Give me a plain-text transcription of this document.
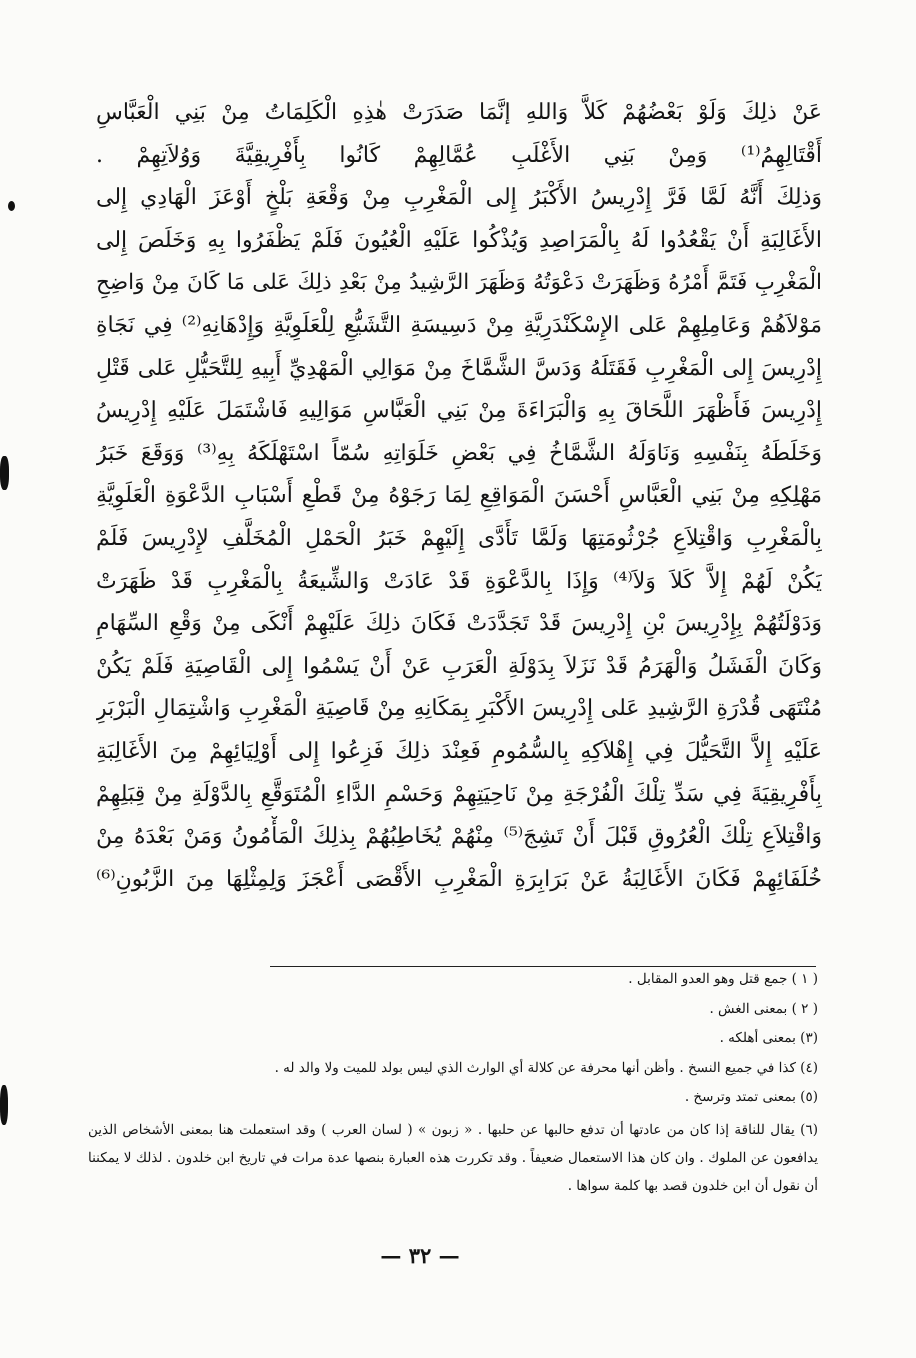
عَنْ ذلِكَ وَلَوْ بَعْضُهُمْ كَلاَّ وَاللهِ إنَّمَا صَدَرَتْ هٰذِهِ الْكَلِمَاتُ مِنْ بَنِي الْعَبَّاسِ
أَقْتَالِهِمُ⁽¹⁾ وَمِنْ بَنِي الأَغْلَبِ عُمَّالِهِمْ كَانُوا بِأَفْرِيقِيَّةَ وَوُلاَتِهِمْ .
وَذلِكَ أَنَّهُ لَمَّا فَرَّ إِدْرِيسُ الأَكْبَرُ إِلى الْمَغْرِبِ مِنْ وَقْعَةِ بَلْخٍ أَوْعَزَ الْهَادِي إِلى
الأَغَالِبَةِ أَنْ يَقْعُدُوا لَهُ بِالْمَرَاصِدِ وَيُذْكُوا عَلَيْهِ الْعُيُونَ فَلَمْ يَظْفَرُوا بِهِ وَخَلَصَ إِلى
الْمَغْرِبِ فَتَمَّ أَمْرُهُ وَظَهَرَتْ دَعْوَتُهُ وَظَهَرَ الرَّشِيدُ مِنْ بَعْدِ ذلِكَ عَلى مَا كَانَ مِنْ وَاضِحِ
مَوْلاَهُمْ وَعَامِلِهِمْ عَلى الإِسْكَنْدَرِيَّةِ مِنْ دَسِيسَةِ التَّشَيُّعِ لِلْعَلَوِيَّةِ وَإِدْهَانِهِ⁽²⁾ فِي نَجَاةِ
إِدْرِيسَ إِلى الْمَغْرِبِ فَقَتَلَهُ وَدَسَّ الشَّمَّاخَ مِنْ مَوَالِي الْمَهْدِيِّ أَبِيهِ لِلتَّحَيُّلِ عَلى قَتْلِ
إِدْرِيسَ فَأَظْهَرَ اللَّحَاقَ بِهِ وَالْبَرَاءَةَ مِنْ بَنِي الْعَبَّاسِ مَوَالِيهِ فَاشْتَمَلَ عَلَيْهِ إِدْرِيسُ
وَخَلَطَهُ بِنَفْسِهِ وَنَاوَلَهُ الشَّمَّاخُ فِي بَعْضِ خَلَوَاتِهِ سُمّاً اسْتَهْلَكَهُ بِهِ⁽³⁾ وَوَقَعَ خَبَرُ
مَهْلِكِهِ مِنْ بَنِي الْعَبَّاسِ أَحْسَنَ الْمَوَاقِعِ لِمَا رَجَوْهُ مِنْ قَطْعِ أَسْبَابِ الدَّعْوَةِ الْعَلَوِيَّةِ
بِالْمَغْرِبِ وَاقْتِلاَعِ جُرْثُومَتِهَا وَلَمَّا تَأَدَّى إِلَيْهِمْ خَبَرُ الْحَمْلِ الْمُخَلَّفِ لإِدْرِيسَ فَلَمْ
يَكُنْ لَهُمْ إِلاَّ كَلاَ وَلاَ⁽⁴⁾ وَإِذَا بِالدَّعْوَةِ قَدْ عَادَتْ وَالشِّيعَةُ بِالْمَغْرِبِ قَدْ ظَهَرَتْ
وَدَوْلَتُهُمْ بِإِدْرِيسَ بْنِ إِدْرِيسَ قَدْ تَجَدَّدَتْ فَكَانَ ذلِكَ عَلَيْهِمْ أَنْكَى مِنْ وَقْعِ السِّهَامِ
وَكَانَ الْفَشَلُ وَالْهَرَمُ قَدْ نَزَلاَ بِدَوْلَةِ الْعَرَبِ عَنْ أَنْ يَسْمُوا إِلى الْقَاصِيَةِ فَلَمْ يَكُنْ
مُنْتَهَى قُدْرَةِ الرَّشِيدِ عَلى إِدْرِيسَ الأَكْبَرِ بِمَكَانِهِ مِنْ قَاصِيَةِ الْمَغْرِبِ وَاشْتِمَالِ الْبَرْبَرِ
عَلَيْهِ إِلاَّ التَّحَيُّلَ فِي إِهْلاَكِهِ بِالسُّمُومِ فَعِنْدَ ذلِكَ فَزِعُوا إِلى أَوْلِيَائِهِمْ مِنَ الأَغَالِبَةِ
بِأَفْرِيقِيَةَ فِي سَدِّ تِلْكَ الْفُرْجَةِ مِنْ نَاحِيَتِهِمْ وَحَسْمِ الدَّاءِ الْمُتَوَقَّعِ بِالدَّوْلَةِ مِنْ قِبَلِهِمْ
وَاقْتِلاَعِ تِلْكَ الْعُرُوقِ قَبْلَ أَنْ تَشِجَ⁽⁵⁾ مِنْهُمْ يُخَاطِبُهُمْ بِذلِكَ الْمَأْمُونُ وَمَنْ بَعْدَهُ مِنْ
خُلَفَائِهِمْ فَكَانَ الأَغَالِبَةُ عَنْ بَرَابِرَةِ الْمَغْرِبِ الأَقْصَى أَعْجَزَ وَلِمِثْلِهَا مِنَ الزَّبُونِ⁽⁶⁾
( ١ ) جمع قتل وهو العدو المقابل .
( ٢ ) بمعنى الغش .
(٣) بمعنى أهلكه .
(٤) كذا في جميع النسخ . وأظن أنها محرفة عن كلالة أي الوارث الذي ليس بولد للميت ولا والد له .
(٥) بمعنى تمتد وترسخ .
(٦) يقال للناقة إذا كان من عادتها أن تدفع حالبها عن حلبها . « زبون » ( لسان العرب ) وقد استعملت هنا بمعنى الأشخاص الذين يدافعون عن الملوك . وان كان هذا الاستعمال ضعيفاً . وقد تكررت هذه العبارة بنصها عدة مرات في تاريخ ابن خلدون . لذلك لا يمكننا أن نقول أن ابن خلدون قصد بها كلمة سواها .
— ٣٢ —
